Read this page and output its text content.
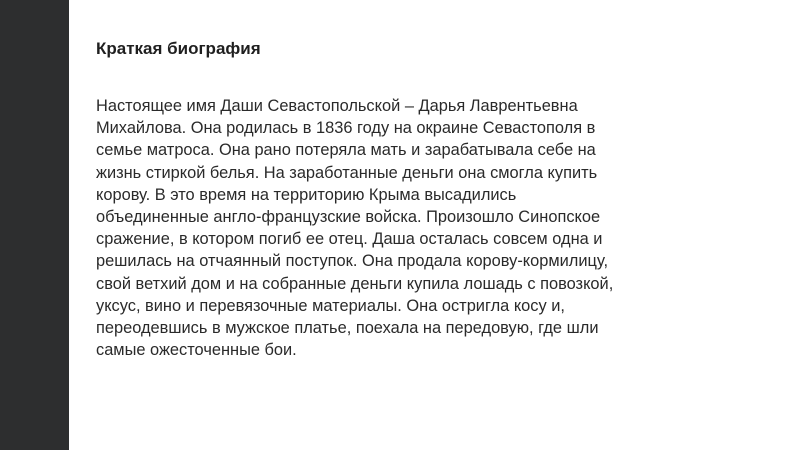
Краткая биография

Настоящее имя Даши Севастопольской – Дарья Лаврентьевна
Михайлова. Она родилась в 1836 году на окраине Севастополя в
семье матроса. Она рано потеряла мать и зарабатывала себе на
жизнь стиркой белья. На заработанные деньги она смогла купить
корову. В это время на территорию Крыма высадились
объединенные англо-французские войска. Произошло Синопское
сражение, в котором погиб ее отец. Даша осталась совсем одна и
решилась на отчаянный поступок. Она продала корову-кормилицу,
свой ветхий дом и на собранные деньги купила лошадь с повозкой,
уксус, вино и перевязочные материалы. Она остригла косу и,
переодевшись в мужское платье, поехала на передовую, где шли
самые ожесточенные бои.
